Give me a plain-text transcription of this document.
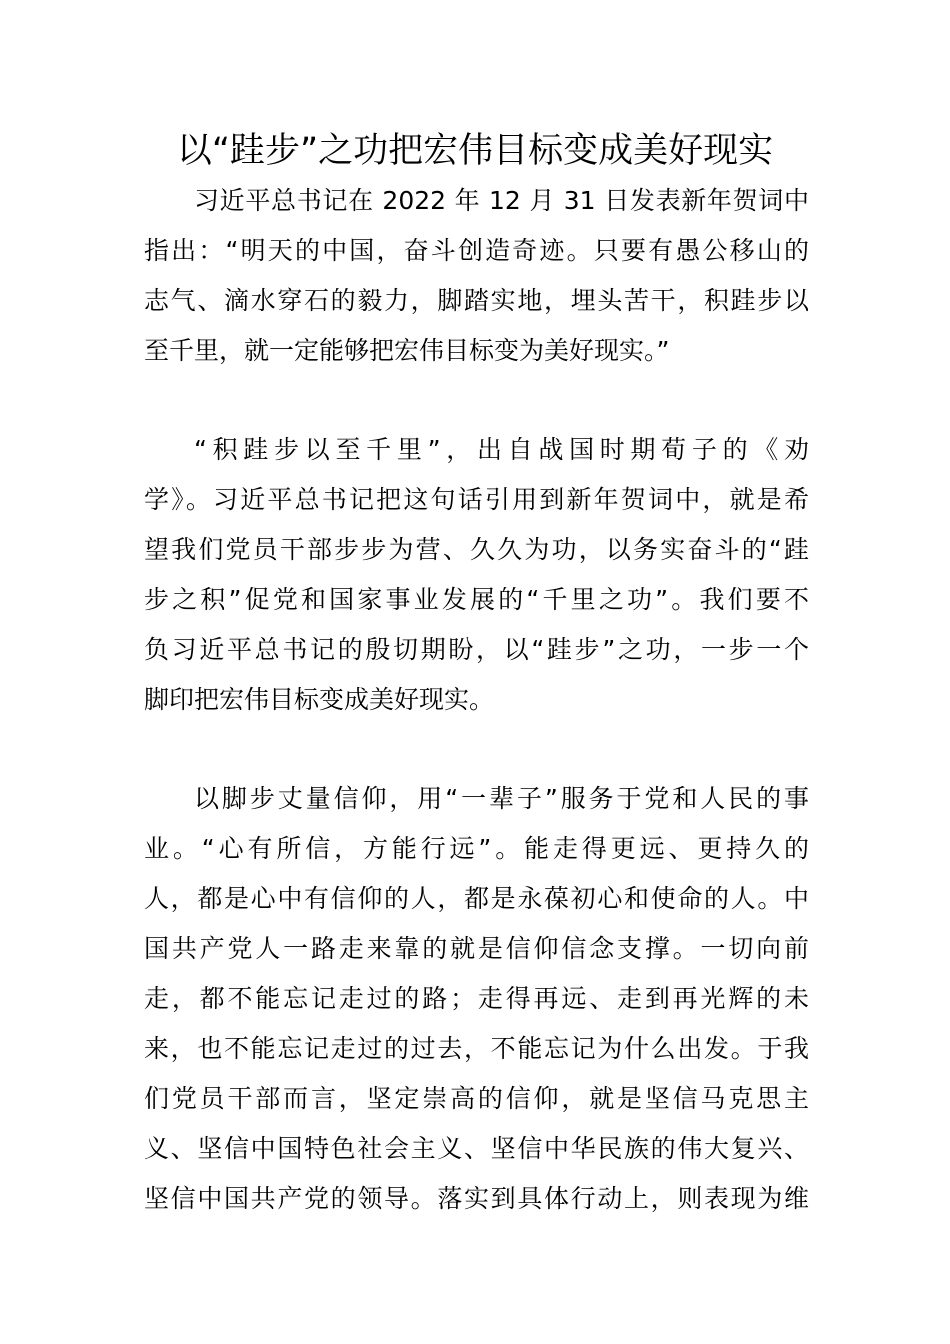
以“跬步”之功把宏伟目标变成美好现实
习近平总书记在 2022 年 12 月 31 日发表新年贺词中
指出：“明天的中国，奋斗创造奇迹。只要有愚公移山的
志气、滴水穿石的毅力，脚踏实地，埋头苦干，积跬步以
至千里，就一定能够把宏伟目标变为美好现实。”
“积跬步以至千里”，出自战国时期荀子的《劝
学》。习近平总书记把这句话引用到新年贺词中，就是希
望我们党员干部步步为营、久久为功，以务实奋斗的“跬
步之积”促党和国家事业发展的“千里之功”。我们要不
负习近平总书记的殷切期盼，以“跬步”之功，一步一个
脚印把宏伟目标变成美好现实。
以脚步丈量信仰，用“一辈子”服务于党和人民的事
业。“心有所信，方能行远”。能走得更远、更持久的
人，都是心中有信仰的人，都是永葆初心和使命的人。中
国共产党人一路走来靠的就是信仰信念支撑。一切向前
走，都不能忘记走过的路；走得再远、走到再光辉的未
来，也不能忘记走过的过去，不能忘记为什么出发。于我
们党员干部而言，坚定崇高的信仰，就是坚信马克思主
义、坚信中国特色社会主义、坚信中华民族的伟大复兴、
坚信中国共产党的领导。落实到具体行动上，则表现为维
